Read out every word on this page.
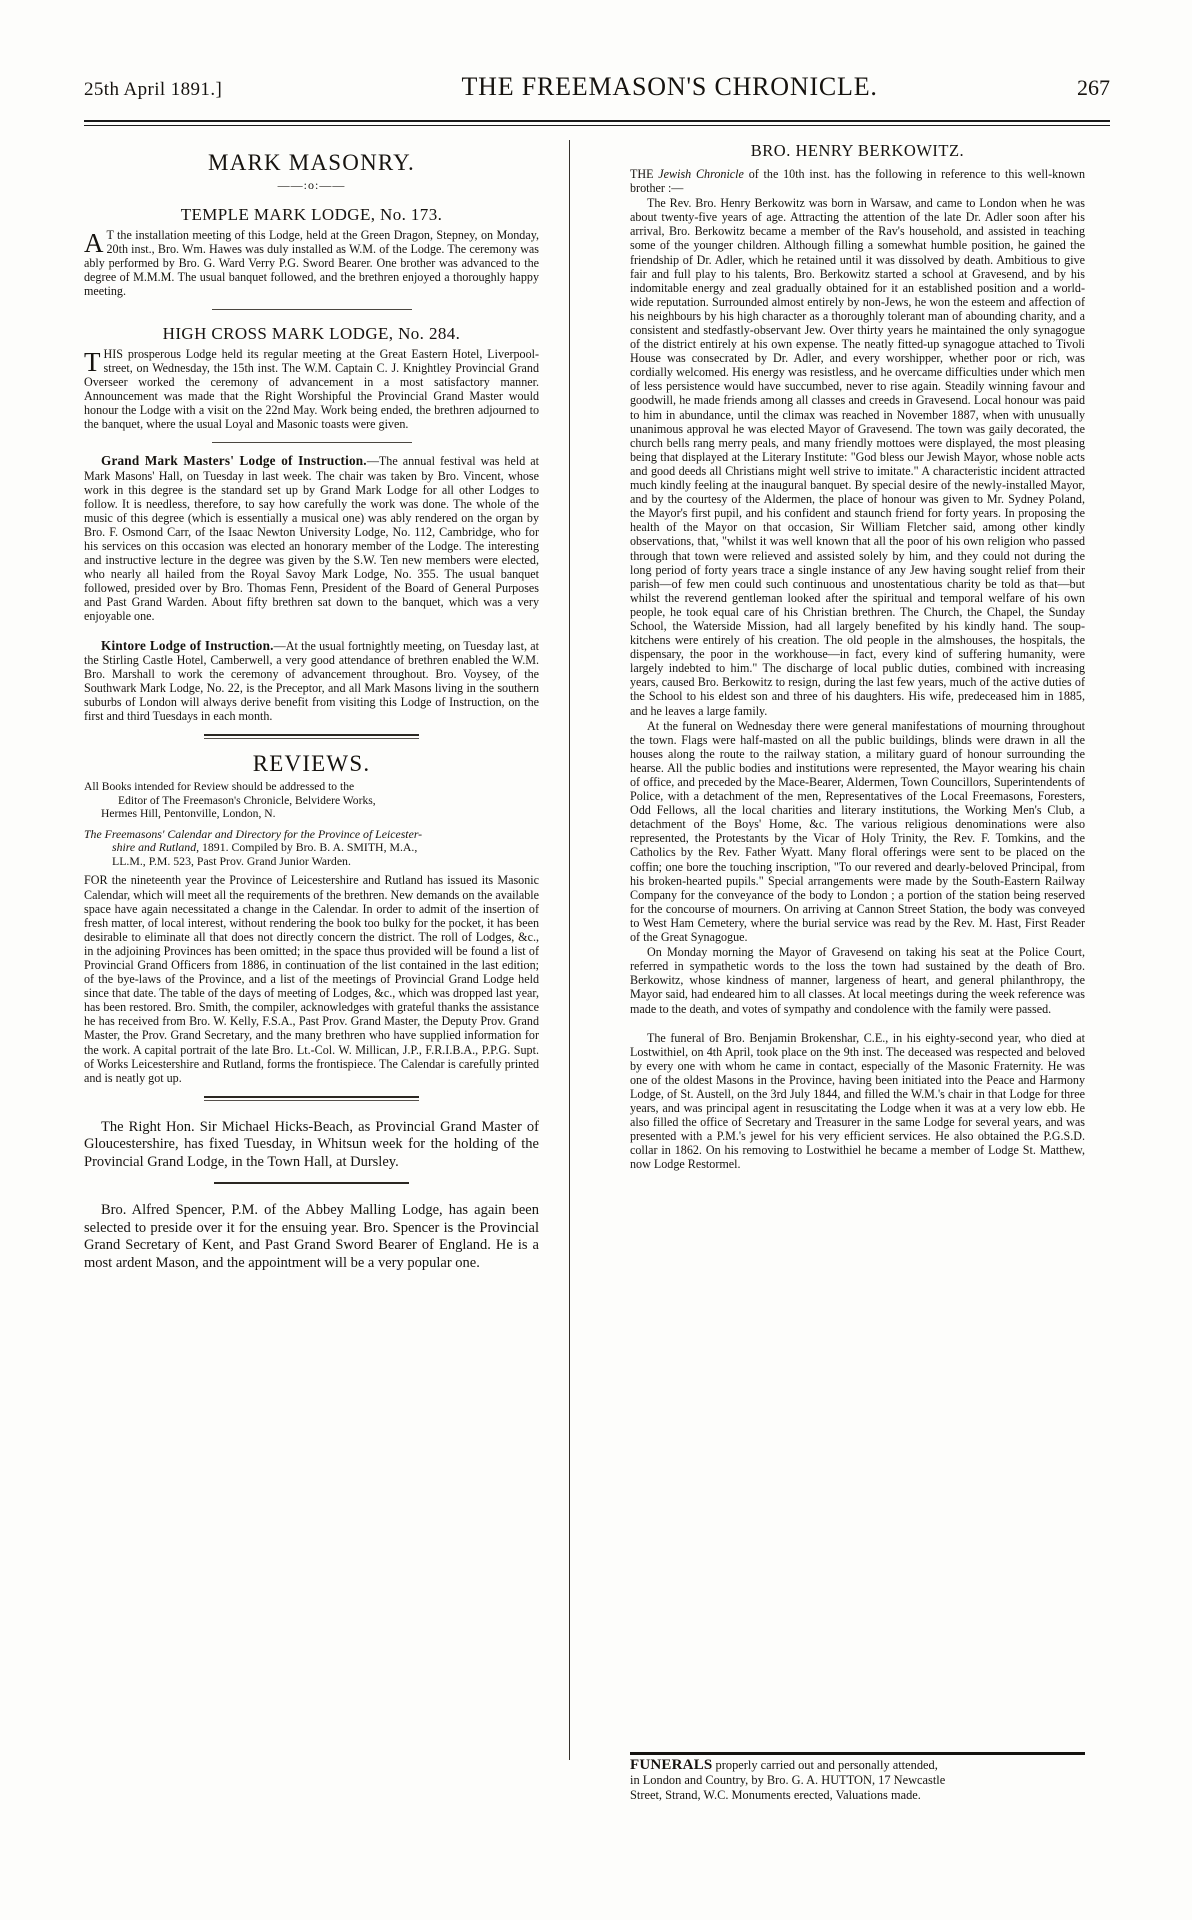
25th April 1891.]	THE FREEMASON'S CHRONICLE.	267
MARK MASONRY.
——:o:——
TEMPLE MARK LODGE, No. 173.

A T the installation meeting of this Lodge, held at the Green Dragon, Stepney, on Monday, 20th inst., Bro. Wm. Hawes was duly installed as W.M. of the Lodge. The ceremony was ably performed by Bro. G. Ward Verry P.G. Sword Bearer. One brother was advanced to the degree of M.M.M. The usual banquet followed, and the brethren enjoyed a thoroughly happy meeting.

HIGH CROSS MARK LODGE, No. 284.

THIS prosperous Lodge held its regular meeting at the Great Eastern Hotel, Liverpool-street, on Wednesday, the 15th inst. The W.M. Captain C. J. Knightley Provincial Grand Overseer worked the ceremony of advancement in a most satisfactory manner. Announcement was made that the Right Worshipful the Provincial Grand Master would honour the Lodge with a visit on the 22nd May. Work being ended, the brethren adjourned to the banquet, where the usual Loyal and Masonic toasts were given.

Grand Mark Masters' Lodge of Instruction.—The annual festival was held at Mark Masons' Hall, on Tuesday in last week. The chair was taken by Bro. Vincent, whose work in this degree is the standard set up by Grand Mark Lodge for all other Lodges to follow. It is needless, therefore, to say how carefully the work was done. The whole of the music of this degree (which is essentially a musical one) was ably rendered on the organ by Bro. F. Osmond Carr, of the Isaac Newton University Lodge, No. 112, Cambridge, who for his services on this occasion was elected an honorary member of the Lodge. The interesting and instructive lecture in the degree was given by the S.W. Ten new members were elected, who nearly all hailed from the Royal Savoy Mark Lodge, No. 355. The usual banquet followed, presided over by Bro. Thomas Fenn, President of the Board of General Purposes and Past Grand Warden. About fifty brethren sat down to the banquet, which was a very enjoyable one.

Kintore Lodge of Instruction.—At the usual fortnightly meeting, on Tuesday last, at the Stirling Castle Hotel, Camberwell, a very good attendance of brethren enabled the W.M. Bro. Marshall to work the ceremony of advancement throughout. Bro. Voysey, of the Southwark Mark Lodge, No. 22, is the Preceptor, and all Mark Masons living in the southern suburbs of London will always derive benefit from visiting this Lodge of Instruction, on the first and third Tuesdays in each month.

REVIEWS.
All Books intended for Review should be addressed to the
Editor of The Freemason's Chronicle, Belvidere Works,
Hermes Hill, Pentonville, London, N.
The Freemasons' Calendar and Directory for the Province of Leicester-
shire and Rutland, 1891. Compiled by Bro. B. A. SMITH, M.A.,
LL.M., P.M. 523, Past Prov. Grand Junior Warden.

FOR the nineteenth year the Province of Leicestershire and Rutland has issued its Masonic Calendar, which will meet all the requirements of the brethren. New demands on the available space have again necessitated a change in the Calendar. In order to admit of the insertion of fresh matter, of local interest, without rendering the book too bulky for the pocket, it has been desirable to eliminate all that does not directly concern the district. The roll of Lodges, &c., in the adjoining Provinces has been omitted; in the space thus provided will be found a list of Provincial Grand Officers from 1886, in continuation of the list contained in the last edition; of the bye-laws of the Province, and a list of the meetings of Provincial Grand Lodge held since that date. The table of the days of meeting of Lodges, &c., which was dropped last year, has been restored. Bro. Smith, the compiler, acknowledges with grateful thanks the assistance he has received from Bro. W. Kelly, F.S.A., Past Prov. Grand Master, the Deputy Prov. Grand Master, the Prov. Grand Secretary, and the many brethren who have supplied information for the work. A capital portrait of the late Bro. Lt.-Col. W. Millican, J.P., F.R.I.B.A., P.P.G. Supt. of Works Leicestershire and Rutland, forms the frontispiece. The Calendar is carefully printed and is neatly got up.

The Right Hon. Sir Michael Hicks-Beach, as Provincial Grand Master of Gloucestershire, has fixed Tuesday, in Whitsun week for the holding of the Provincial Grand Lodge, in the Town Hall, at Dursley.

Bro. Alfred Spencer, P.M. of the Abbey Malling Lodge, has again been selected to preside over it for the ensuing year. Bro. Spencer is the Provincial Grand Secretary of Kent, and Past Grand Sword Bearer of England. He is a most ardent Mason, and the appointment will be a very popular one.

BRO. HENRY BERKOWITZ.

THE Jewish Chronicle of the 10th inst. has the following in reference to this well-known brother :—

The Rev. Bro. Henry Berkowitz was born in Warsaw, and came to London when he was about twenty-five years of age. Attracting the attention of the late Dr. Adler soon after his arrival, Bro. Berkowitz became a member of the Rav's household, and assisted in teaching some of the younger children. Although filling a somewhat humble position, he gained the friendship of Dr. Adler, which he retained until it was dissolved by death. Ambitious to give fair and full play to his talents, Bro. Berkowitz started a school at Gravesend, and by his indomitable energy and zeal gradually obtained for it an established position and a world-wide reputation. Surrounded almost entirely by non-Jews, he won the esteem and affection of his neighbours by his high character as a thoroughly tolerant man of abounding charity, and a consistent and stedfastly-observant Jew. Over thirty years he maintained the only synagogue of the district entirely at his own expense. The neatly fitted-up synagogue attached to Tivoli House was consecrated by Dr. Adler, and every worshipper, whether poor or rich, was cordially welcomed. His energy was resistless, and he overcame difficulties under which men of less persistence would have succumbed, never to rise again. Steadily winning favour and goodwill, he made friends among all classes and creeds in Gravesend. Local honour was paid to him in abundance, until the climax was reached in November 1887, when with unusually unanimous approval he was elected Mayor of Gravesend. The town was gaily decorated, the church bells rang merry peals, and many friendly mottoes were displayed, the most pleasing being that displayed at the Literary Institute: "God bless our Jewish Mayor, whose noble acts and good deeds all Christians might well strive to imitate." A characteristic incident attracted much kindly feeling at the inaugural banquet. By special desire of the newly-installed Mayor, and by the courtesy of the Aldermen, the place of honour was given to Mr. Sydney Poland, the Mayor's first pupil, and his confident and staunch friend for forty years. In proposing the health of the Mayor on that occasion, Sir William Fletcher said, among other kindly observations, that, "whilst it was well known that all the poor of his own religion who passed through that town were relieved and assisted solely by him, and they could not during the long period of forty years trace a single instance of any Jew having sought relief from their parish—of few men could such continuous and unostentatious charity be told as that—but whilst the reverend gentleman looked after the spiritual and temporal welfare of his own people, he took equal care of his Christian brethren. The Church, the Chapel, the Sunday School, the Waterside Mission, had all largely benefited by his kindly hand. The soup-kitchens were entirely of his creation. The old people in the almshouses, the hospitals, the dispensary, the poor in the workhouse—in fact, every kind of suffering humanity, were largely indebted to him." The discharge of local public duties, combined with increasing years, caused Bro. Berkowitz to resign, during the last few years, much of the active duties of the School to his eldest son and three of his daughters. His wife, predeceased him in 1885, and he leaves a large family.

At the funeral on Wednesday there were general manifestations of mourning throughout the town. Flags were half-masted on all the public buildings, blinds were drawn in all the houses along the route to the railway station, a military guard of honour surrounding the hearse. All the public bodies and institutions were represented, the Mayor wearing his chain of office, and preceded by the Mace-Bearer, Aldermen, Town Councillors, Superintendents of Police, with a detachment of the men, Representatives of the Local Freemasons, Foresters, Odd Fellows, all the local charities and literary institutions, the Working Men's Club, a detachment of the Boys' Home, &c. The various religious denominations were also represented, the Protestants by the Vicar of Holy Trinity, the Rev. F. Tomkins, and the Catholics by the Rev. Father Wyatt. Many floral offerings were sent to be placed on the coffin; one bore the touching inscription, "To our revered and dearly-beloved Principal, from his broken-hearted pupils." Special arrangements were made by the South-Eastern Railway Company for the conveyance of the body to London ; a portion of the station being reserved for the concourse of mourners. On arriving at Cannon Street Station, the body was conveyed to West Ham Cemetery, where the burial service was read by the Rev. M. Hast, First Reader of the Great Synagogue.

On Monday morning the Mayor of Gravesend on taking his seat at the Police Court, referred in sympathetic words to the loss the town had sustained by the death of Bro. Berkowitz, whose kindness of manner, largeness of heart, and general philanthropy, the Mayor said, had endeared him to all classes. At local meetings during the week reference was made to the death, and votes of sympathy and condolence with the family were passed.

The funeral of Bro. Benjamin Brokenshar, C.E., in his eighty-second year, who died at Lostwithiel, on 4th April, took place on the 9th inst. The deceased was respected and beloved by every one with whom he came in contact, especially of the Masonic Fraternity. He was one of the oldest Masons in the Province, having been initiated into the Peace and Harmony Lodge, of St. Austell, on the 3rd July 1844, and filled the W.M.'s chair in that Lodge for three years, and was principal agent in resuscitating the Lodge when it was at a very low ebb. He also filled the office of Secretary and Treasurer in the same Lodge for several years, and was presented with a P.M.'s jewel for his very efficient services. He also obtained the P.G.S.D. collar in 1862. On his removing to Lostwithiel he became a member of Lodge St. Matthew, now Lodge Restormel.

FUNERALS properly carried out and personally attended,
in London and Country, by Bro. G. A. HUTTON, 17 Newcastle
Street, Strand, W.C. Monuments erected, Valuations made.
